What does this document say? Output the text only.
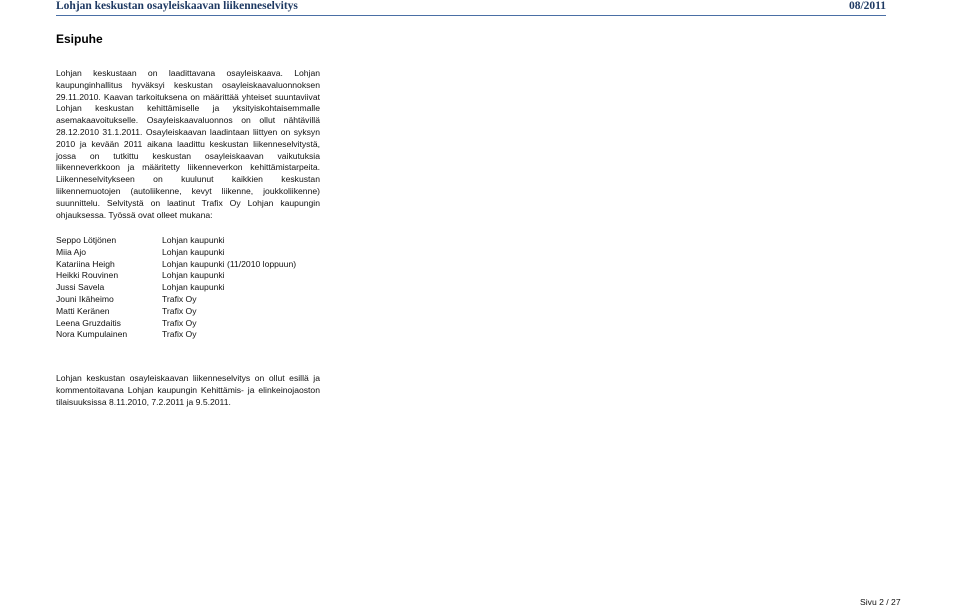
Lohjan keskustan osayleiskaavan liikenneselvitys	08/2011
Esipuhe

Lohjan keskustaan on laadittavana osayleiskaava. Lohjan kaupunginhallitus hyväksyi keskustan osayleiskaavaluonnoksen 29.11.2010. Kaavan tarkoituksena on määrittää yhteiset suuntaviivat Lohjan keskustan kehittämiselle ja yksityiskohtaisemmalle asemakaavoitukselle. Osayleiskaavaluonnos on ollut nähtävillä 28.12.2010 31.1.2011. Osayleiskaavan laadintaan liittyen on syksyn 2010 ja kevään 2011 aikana laadittu keskustan liikenneselvitystä, jossa on tutkittu keskustan osayleiskaavan vaikutuksia liikenneverkkoon ja määritetty liikenneverkon kehittämistarpeita. Liikenneselvitykseen on kuulunut kaikkien keskustan liikennemuotojen (autoliikenne, kevyt liikenne, joukkoliikenne) suunnittelu. Selvitystä on laatinut Trafix Oy Lohjan kaupungin ohjauksessa. Työssä ovat olleet mukana:

Seppo Lötjönen	Lohjan kaupunki
Miia Ajo	Lohjan kaupunki
Katariina Heigh	Lohjan kaupunki (11/2010 loppuun)
Heikki Rouvinen	Lohjan kaupunki
Jussi Savela	Lohjan kaupunki
Jouni Ikäheimo	Trafix Oy
Matti Keränen	Trafix Oy
Leena Gruzdaitis	Trafix Oy
Nora Kumpulainen	Trafix Oy

Lohjan keskustan osayleiskaavan liikenneselvitys on ollut esillä ja kommentoitavana Lohjan kaupungin Kehittämis- ja elinkeinojaoston tilaisuuksissa 8.11.2010, 7.2.2011 ja 9.5.2011.

Sivu 2 / 27
